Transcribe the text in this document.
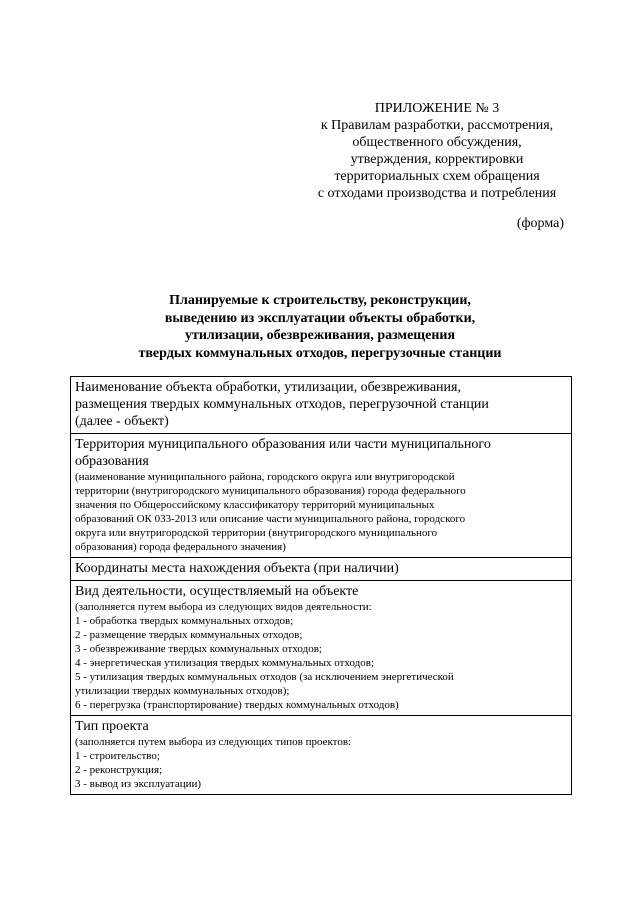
ПРИЛОЖЕНИЕ № 3
к Правилам разработки, рассмотрения,
общественного обсуждения,
утверждения, корректировки
территориальных схем обращения
с отходами производства и потребления
(форма)
Планируемые к строительству, реконструкции,
выведению из эксплуатации объекты обработки,
утилизации, обезвреживания, размещения
твердых коммунальных отходов, перегрузочные станции
Наименование объекта обработки, утилизации, обезвреживания,
размещения твердых коммунальных отходов, перегрузочной станции
(далее - объект)

Территория муниципального образования или части муниципального
образования
(наименование муниципального района, городского округа или внутригородской
территории (внутригородского муниципального образования) города федерального
значения по Общероссийскому классификатору территорий муниципальных
образований ОК 033-2013 или описание части муниципального района, городского
округа или внутригородской территории (внутригородского муниципального
образования) города федерального значения)

Координаты места нахождения объекта (при наличии)

Вид деятельности, осуществляемый на объекте
(заполняется путем выбора из следующих видов деятельности:
1 - обработка твердых коммунальных отходов;
2 - размещение твердых коммунальных отходов;
3 - обезвреживание твердых коммунальных отходов;
4 - энергетическая утилизация твердых коммунальных отходов;
5 - утилизация твердых коммунальных отходов (за исключением энергетической
утилизации твердых коммунальных отходов);
6 - перегрузка (транспортирование) твердых коммунальных отходов)

Тип проекта
(заполняется путем выбора из следующих типов проектов:
1 - строительство;
2 - реконструкция;
3 - вывод из эксплуатации)
